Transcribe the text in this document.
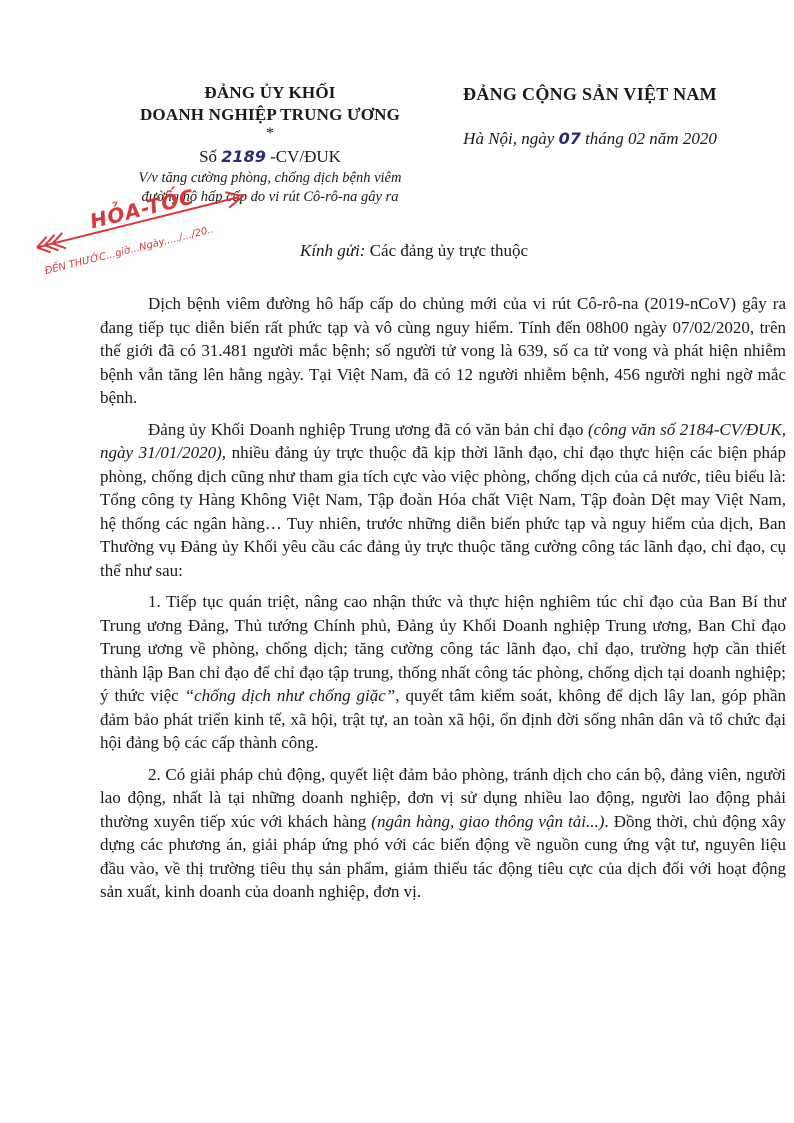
ĐẢNG ỦY KHỐI
DOANH NGHIỆP TRUNG ƯƠNG
*
Số 2189 -CV/ĐUK
V/v tăng cường phòng, chống dịch bệnh viêm
đường hô hấp cấp do vi rút Cô-rô-na gây ra
ĐẢNG CỘNG SẢN VIỆT NAM
Hà Nội, ngày 07 tháng 02 năm 2020
HỎA-TỐC
ĐẾN THƯỚC...giờ...Ngày...../.../20..	Kính gửi: Các đảng ủy trực thuộc

Dịch bệnh viêm đường hô hấp cấp do chủng mới của vi rút Cô-rô-na (2019-nCoV) gây ra đang tiếp tục diễn biến rất phức tạp và vô cùng nguy hiểm. Tính đến 08h00 ngày 07/02/2020, trên thế giới đã có 31.481 người mắc bệnh; số người tử vong là 639, số ca tử vong và phát hiện nhiễm bệnh vẫn tăng lên hằng ngày. Tại Việt Nam, đã có 12 người nhiễm bệnh, 456 người nghi ngờ mắc bệnh.

Đảng ủy Khối Doanh nghiệp Trung ương đã có văn bản chỉ đạo (công văn số 2184-CV/ĐUK, ngày 31/01/2020), nhiều đảng ủy trực thuộc đã kịp thời lãnh đạo, chỉ đạo thực hiện các biện pháp phòng, chống dịch cũng như tham gia tích cực vào việc phòng, chống dịch của cả nước, tiêu biểu là: Tổng công ty Hàng Không Việt Nam, Tập đoàn Hóa chất Việt Nam, Tập đoàn Dệt may Việt Nam, hệ thống các ngân hàng… Tuy nhiên, trước những diễn biến phức tạp và nguy hiểm của dịch, Ban Thường vụ Đảng ủy Khối yêu cầu các đảng ủy trực thuộc tăng cường công tác lãnh đạo, chỉ đạo, cụ thể như sau:

1. Tiếp tục quán triệt, nâng cao nhận thức và thực hiện nghiêm túc chỉ đạo của Ban Bí thư Trung ương Đảng, Thủ tướng Chính phủ, Đảng ủy Khối Doanh nghiệp Trung ương, Ban Chỉ đạo Trung ương về phòng, chống dịch; tăng cường công tác lãnh đạo, chỉ đạo, trường hợp cần thiết thành lập Ban chỉ đạo để chỉ đạo tập trung, thống nhất công tác phòng, chống dịch tại doanh nghiệp; ý thức việc “chống dịch như chống giặc”, quyết tâm kiểm soát, không để dịch lây lan, góp phần đảm bảo phát triển kinh tế, xã hội, trật tự, an toàn xã hội, ổn định đời sống nhân dân và tổ chức đại hội đảng bộ các cấp thành công.

2. Có giải pháp chủ động, quyết liệt đảm bảo phòng, tránh dịch cho cán bộ, đảng viên, người lao động, nhất là tại những doanh nghiệp, đơn vị sử dụng nhiều lao động, người lao động phải thường xuyên tiếp xúc với khách hàng (ngân hàng, giao thông vận tải...). Đồng thời, chủ động xây dựng các phương án, giải pháp ứng phó với các biến động về nguồn cung ứng vật tư, nguyên liệu đầu vào, về thị trường tiêu thụ sản phẩm, giảm thiểu tác động tiêu cực của dịch đối với hoạt động sản xuất, kinh doanh của doanh nghiệp, đơn vị.
